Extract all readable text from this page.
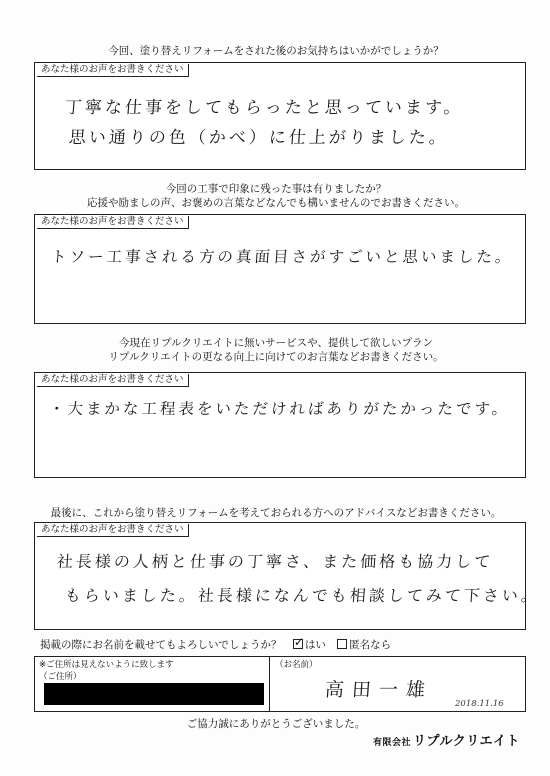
今回、塗り替えリフォームをされた後のお気持ちはいかがでしょうか？
あなた様のお声をお書きください
丁寧な仕事をしてもらったと思っています。
思い通りの色（かべ）に仕上がりました。
今回の工事で印象に残った事は有りましたか？
応援や励ましの声、お褒めの言葉などなんでも構いませんのでお書きください。
あなた様のお声をお書きください
トソー工事される方の真面目さがすごいと思いました。
今現在リプルクリエイトに無いサービスや、提供して欲しいプラン
リプルクリエイトの更なる向上に向けてのお言葉などお書きください。
あなた様のお声をお書きください
・大まかな工程表をいただければありがたかったです。
最後に、これから塗り替えリフォームを考えておられる方へのアドバイスなどお書きください。
あなた様のお声をお書きください
社長様の人柄と仕事の丁寧さ、また価格も協力して
もらいました。社長様になんでも相談してみて下さい。
掲載の際にお名前を載せてもよろしいでしょうか？ ✓ はい 匿名なら
※ご住所は見えないように致します
（ご住所）
（お名前）
高田一雄
2018.11.16
ご協力誠にありがとうございました。
有限会社 リプルクリエイト
